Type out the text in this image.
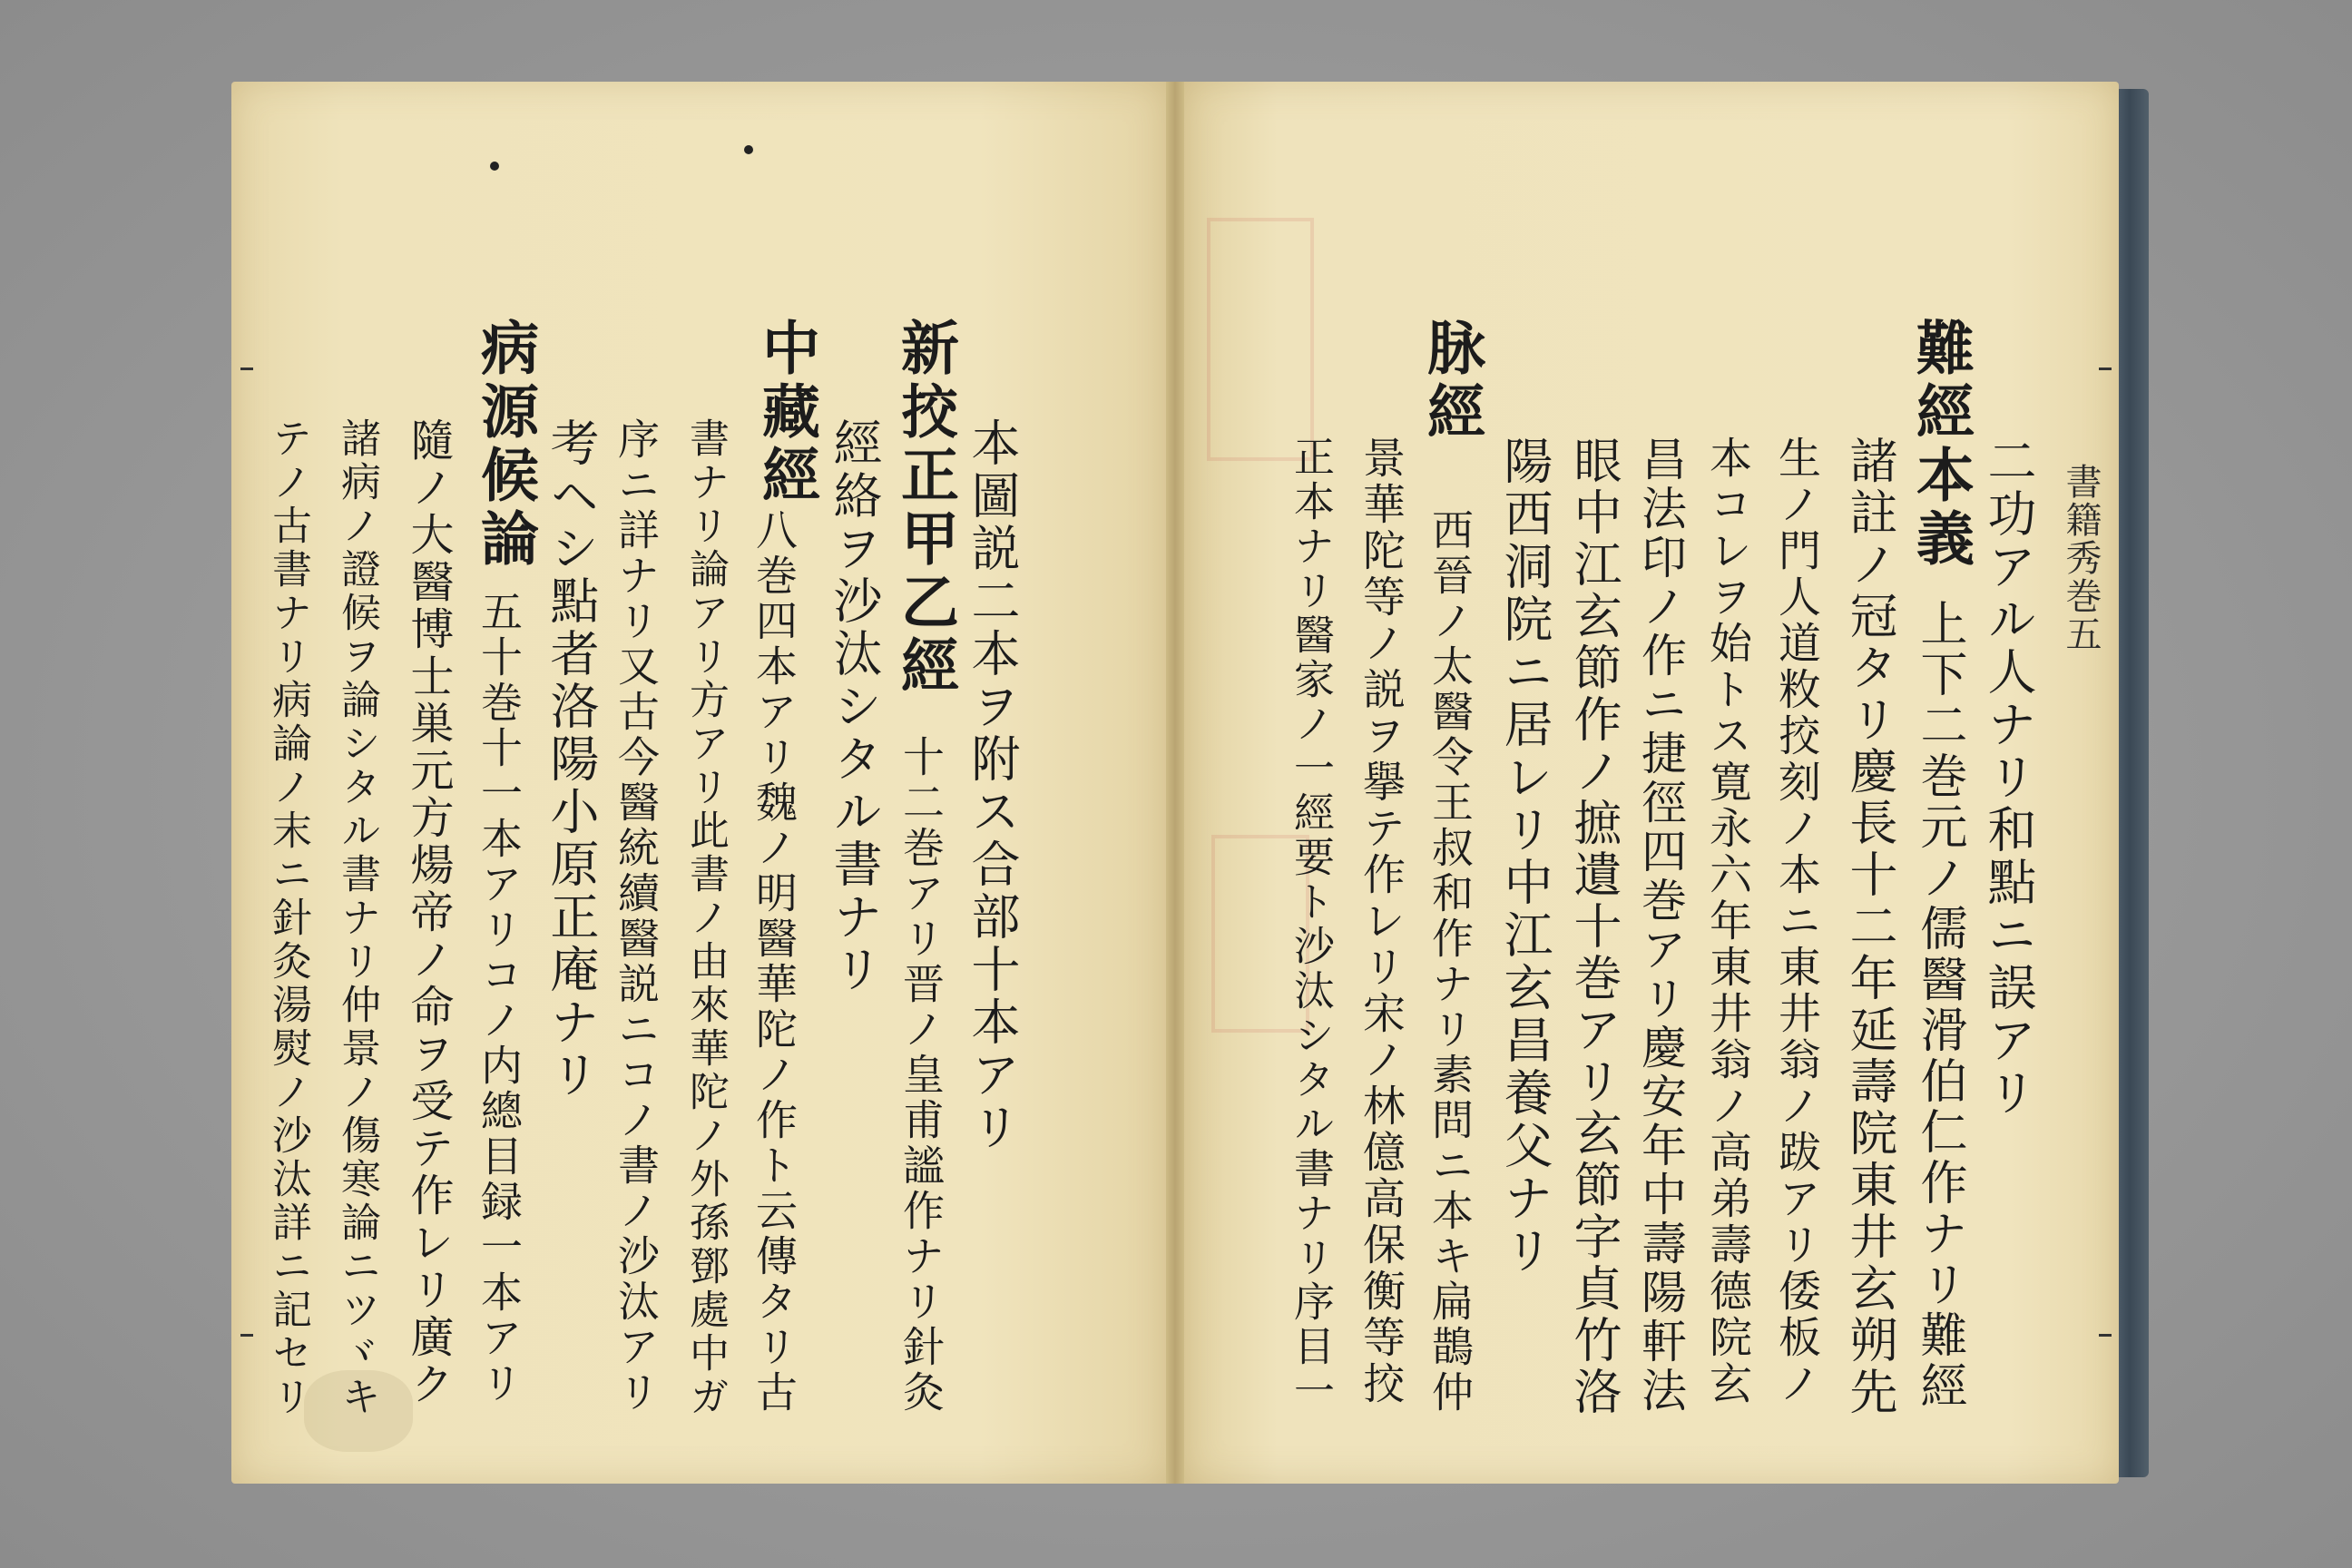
本圖説二本ヲ附ス合部十本アリ
新挍正甲乙經
十二巻アリ晋ノ皇甫謐作ナリ針灸
經絡ヲ沙汰シタル書ナリ
中藏經
八巻四本アリ魏ノ明醫華陀ノ作ト云傳タリ古
書ナリ論アリ方アリ此書ノ由來華陀ノ外孫鄧處中ガ
序ニ詳ナリ又古今醫統續醫説ニコノ書ノ沙汰アリ
考ヘシ點者洛陽小原正庵ナリ
病源候論
五十巻十一本アリコノ内總目録一本アリ
隨ノ大醫博士巣元方煬帝ノ命ヲ受テ作レリ廣ク
諸病ノ證候ヲ論シタル書ナリ仲景ノ傷寒論ニツヾキ
テノ古書ナリ病論ノ末ニ針灸湯熨ノ沙汰詳ニ記セリ	書籍秀巻五
二功アル人ナリ和點ニ誤アリ
難經本義
上下二巻元ノ儒醫滑伯仁作ナリ難經
諸註ノ冠タリ慶長十二年延壽院東井玄朔先
生ノ門人道敉挍刻ノ本ニ東井翁ノ跋アリ倭板ノ
本コレヲ始トス寛永六年東井翁ノ高弟壽德院玄
昌法印ノ作ニ捷徑四巻アリ慶安年中壽陽軒法
眼中江玄節作ノ摭遺十巻アリ玄節字貞竹洛
陽西洞院ニ居レリ中江玄昌養父ナリ
脉經
西晉ノ太醫令王叔和作ナリ素問ニ本キ扁鵲仲
景華陀等ノ説ヲ擧テ作レリ宋ノ林億高保衡等挍
正本ナリ醫家ノ一經要ト沙汰シタル書ナリ序目一
